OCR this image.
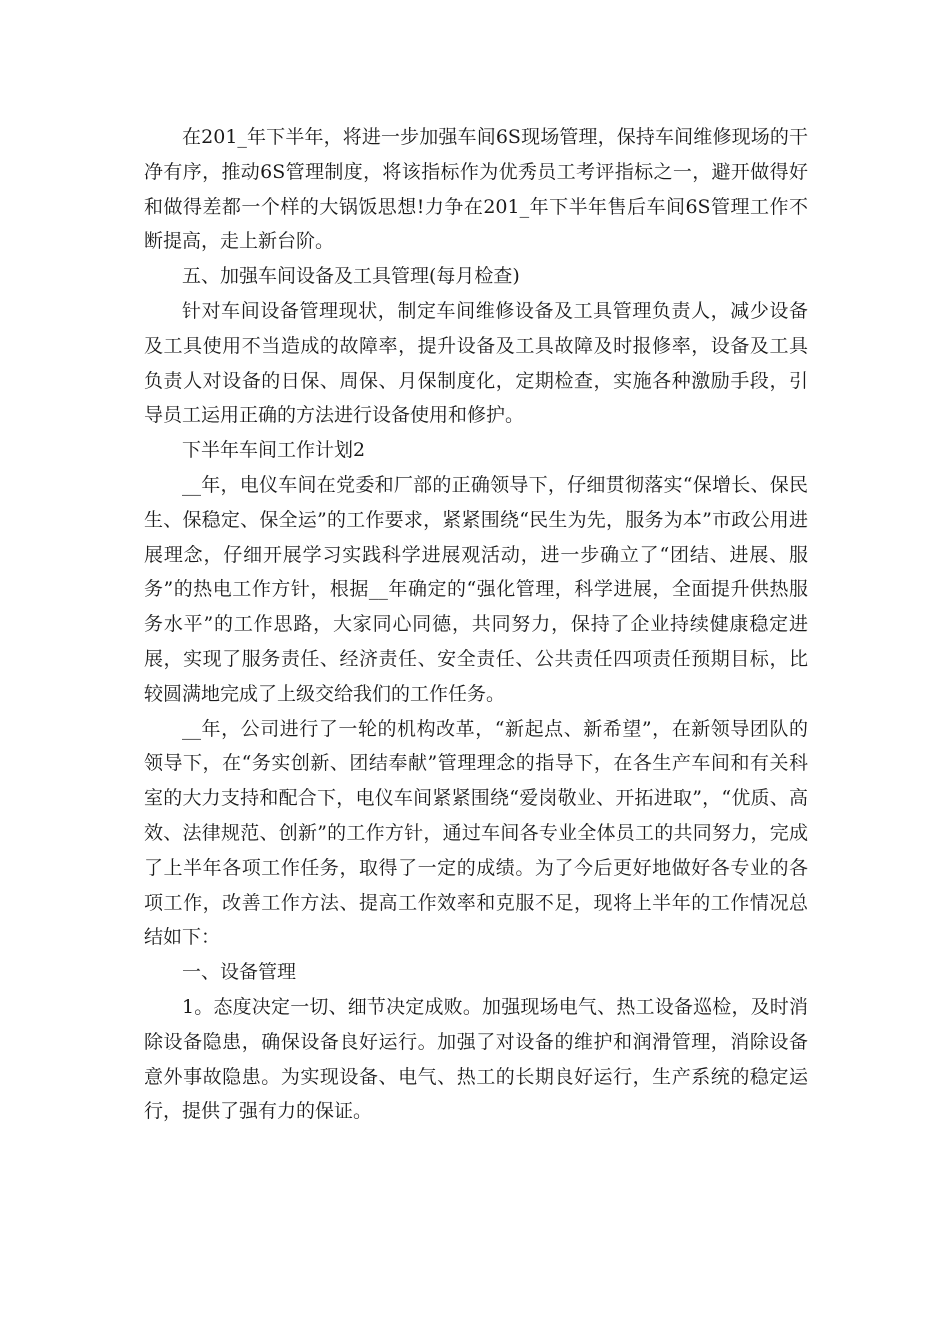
在201_年下半年，将进一步加强车间6S现场管理，保持车间维修现场的干净有序，推动6S管理制度，将该指标作为优秀员工考评指标之一，避开做得好和做得差都一个样的大锅饭思想!力争在201_年下半年售后车间6S管理工作不断提高，走上新台阶。

五、加强车间设备及工具管理(每月检查)

针对车间设备管理现状，制定车间维修设备及工具管理负责人，减少设备及工具使用不当造成的故障率，提升设备及工具故障及时报修率，设备及工具负责人对设备的日保、周保、月保制度化，定期检查，实施各种激励手段，引导员工运用正确的方法进行设备使用和修护。

下半年车间工作计划2

__年，电仪车间在党委和厂部的正确领导下，仔细贯彻落实“保增长、保民生、保稳定、保全运”的工作要求，紧紧围绕“民生为先，服务为本”市政公用进展理念，仔细开展学习实践科学进展观活动，进一步确立了“团结、进展、服务”的热电工作方针，根据__年确定的“强化管理，科学进展，全面提升供热服务水平”的工作思路，大家同心同德，共同努力，保持了企业持续健康稳定进展，实现了服务责任、经济责任、安全责任、公共责任四项责任预期目标，比较圆满地完成了上级交给我们的工作任务。

__年，公司进行了一轮的机构改革，“新起点、新希望”，在新领导团队的领导下，在“务实创新、团结奉献”管理理念的指导下，在各生产车间和有关科室的大力支持和配合下，电仪车间紧紧围绕“爱岗敬业、开拓进取”，“优质、高效、法律规范、创新”的工作方针，通过车间各专业全体员工的共同努力，完成了上半年各项工作任务，取得了一定的成绩。为了今后更好地做好各专业的各项工作，改善工作方法、提高工作效率和克服不足，现将上半年的工作情况总结如下：

一、设备管理

1。态度决定一切、细节决定成败。加强现场电气、热工设备巡检，及时消除设备隐患，确保设备良好运行。加强了对设备的维护和润滑管理，消除设备意外事故隐患。为实现设备、电气、热工的长期良好运行，生产系统的稳定运行，提供了强有力的保证。
